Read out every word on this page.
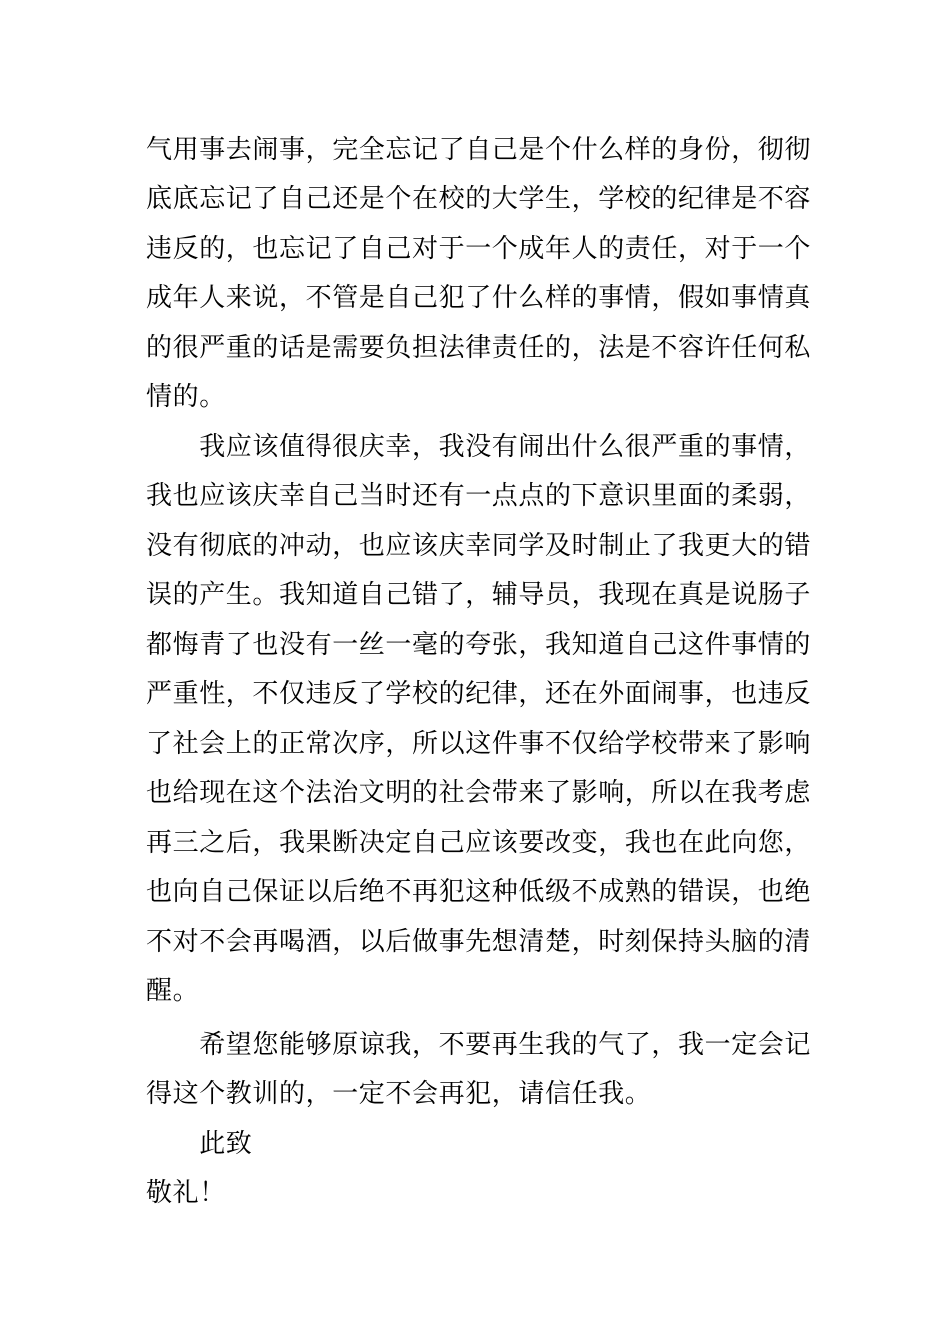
气用事去闹事，完全忘记了自己是个什么样的身份，彻彻
底底忘记了自己还是个在校的大学生，学校的纪律是不容
违反的，也忘记了自己对于一个成年人的责任，对于一个
成年人来说，不管是自己犯了什么样的事情，假如事情真
的很严重的话是需要负担法律责任的，法是不容许任何私
情的。
　　我应该值得很庆幸，我没有闹出什么很严重的事情，
我也应该庆幸自己当时还有一点点的下意识里面的柔弱，
没有彻底的冲动，也应该庆幸同学及时制止了我更大的错
误的产生。我知道自己错了，辅导员，我现在真是说肠子
都悔青了也没有一丝一毫的夸张，我知道自己这件事情的
严重性，不仅违反了学校的纪律，还在外面闹事，也违反
了社会上的正常次序，所以这件事不仅给学校带来了影响
也给现在这个法治文明的社会带来了影响，所以在我考虑
再三之后，我果断决定自己应该要改变，我也在此向您，
也向自己保证以后绝不再犯这种低级不成熟的错误，也绝
不对不会再喝酒，以后做事先想清楚，时刻保持头脑的清
醒。
　　希望您能够原谅我，不要再生我的气了，我一定会记
得这个教训的，一定不会再犯，请信任我。
　　此致
敬礼！
